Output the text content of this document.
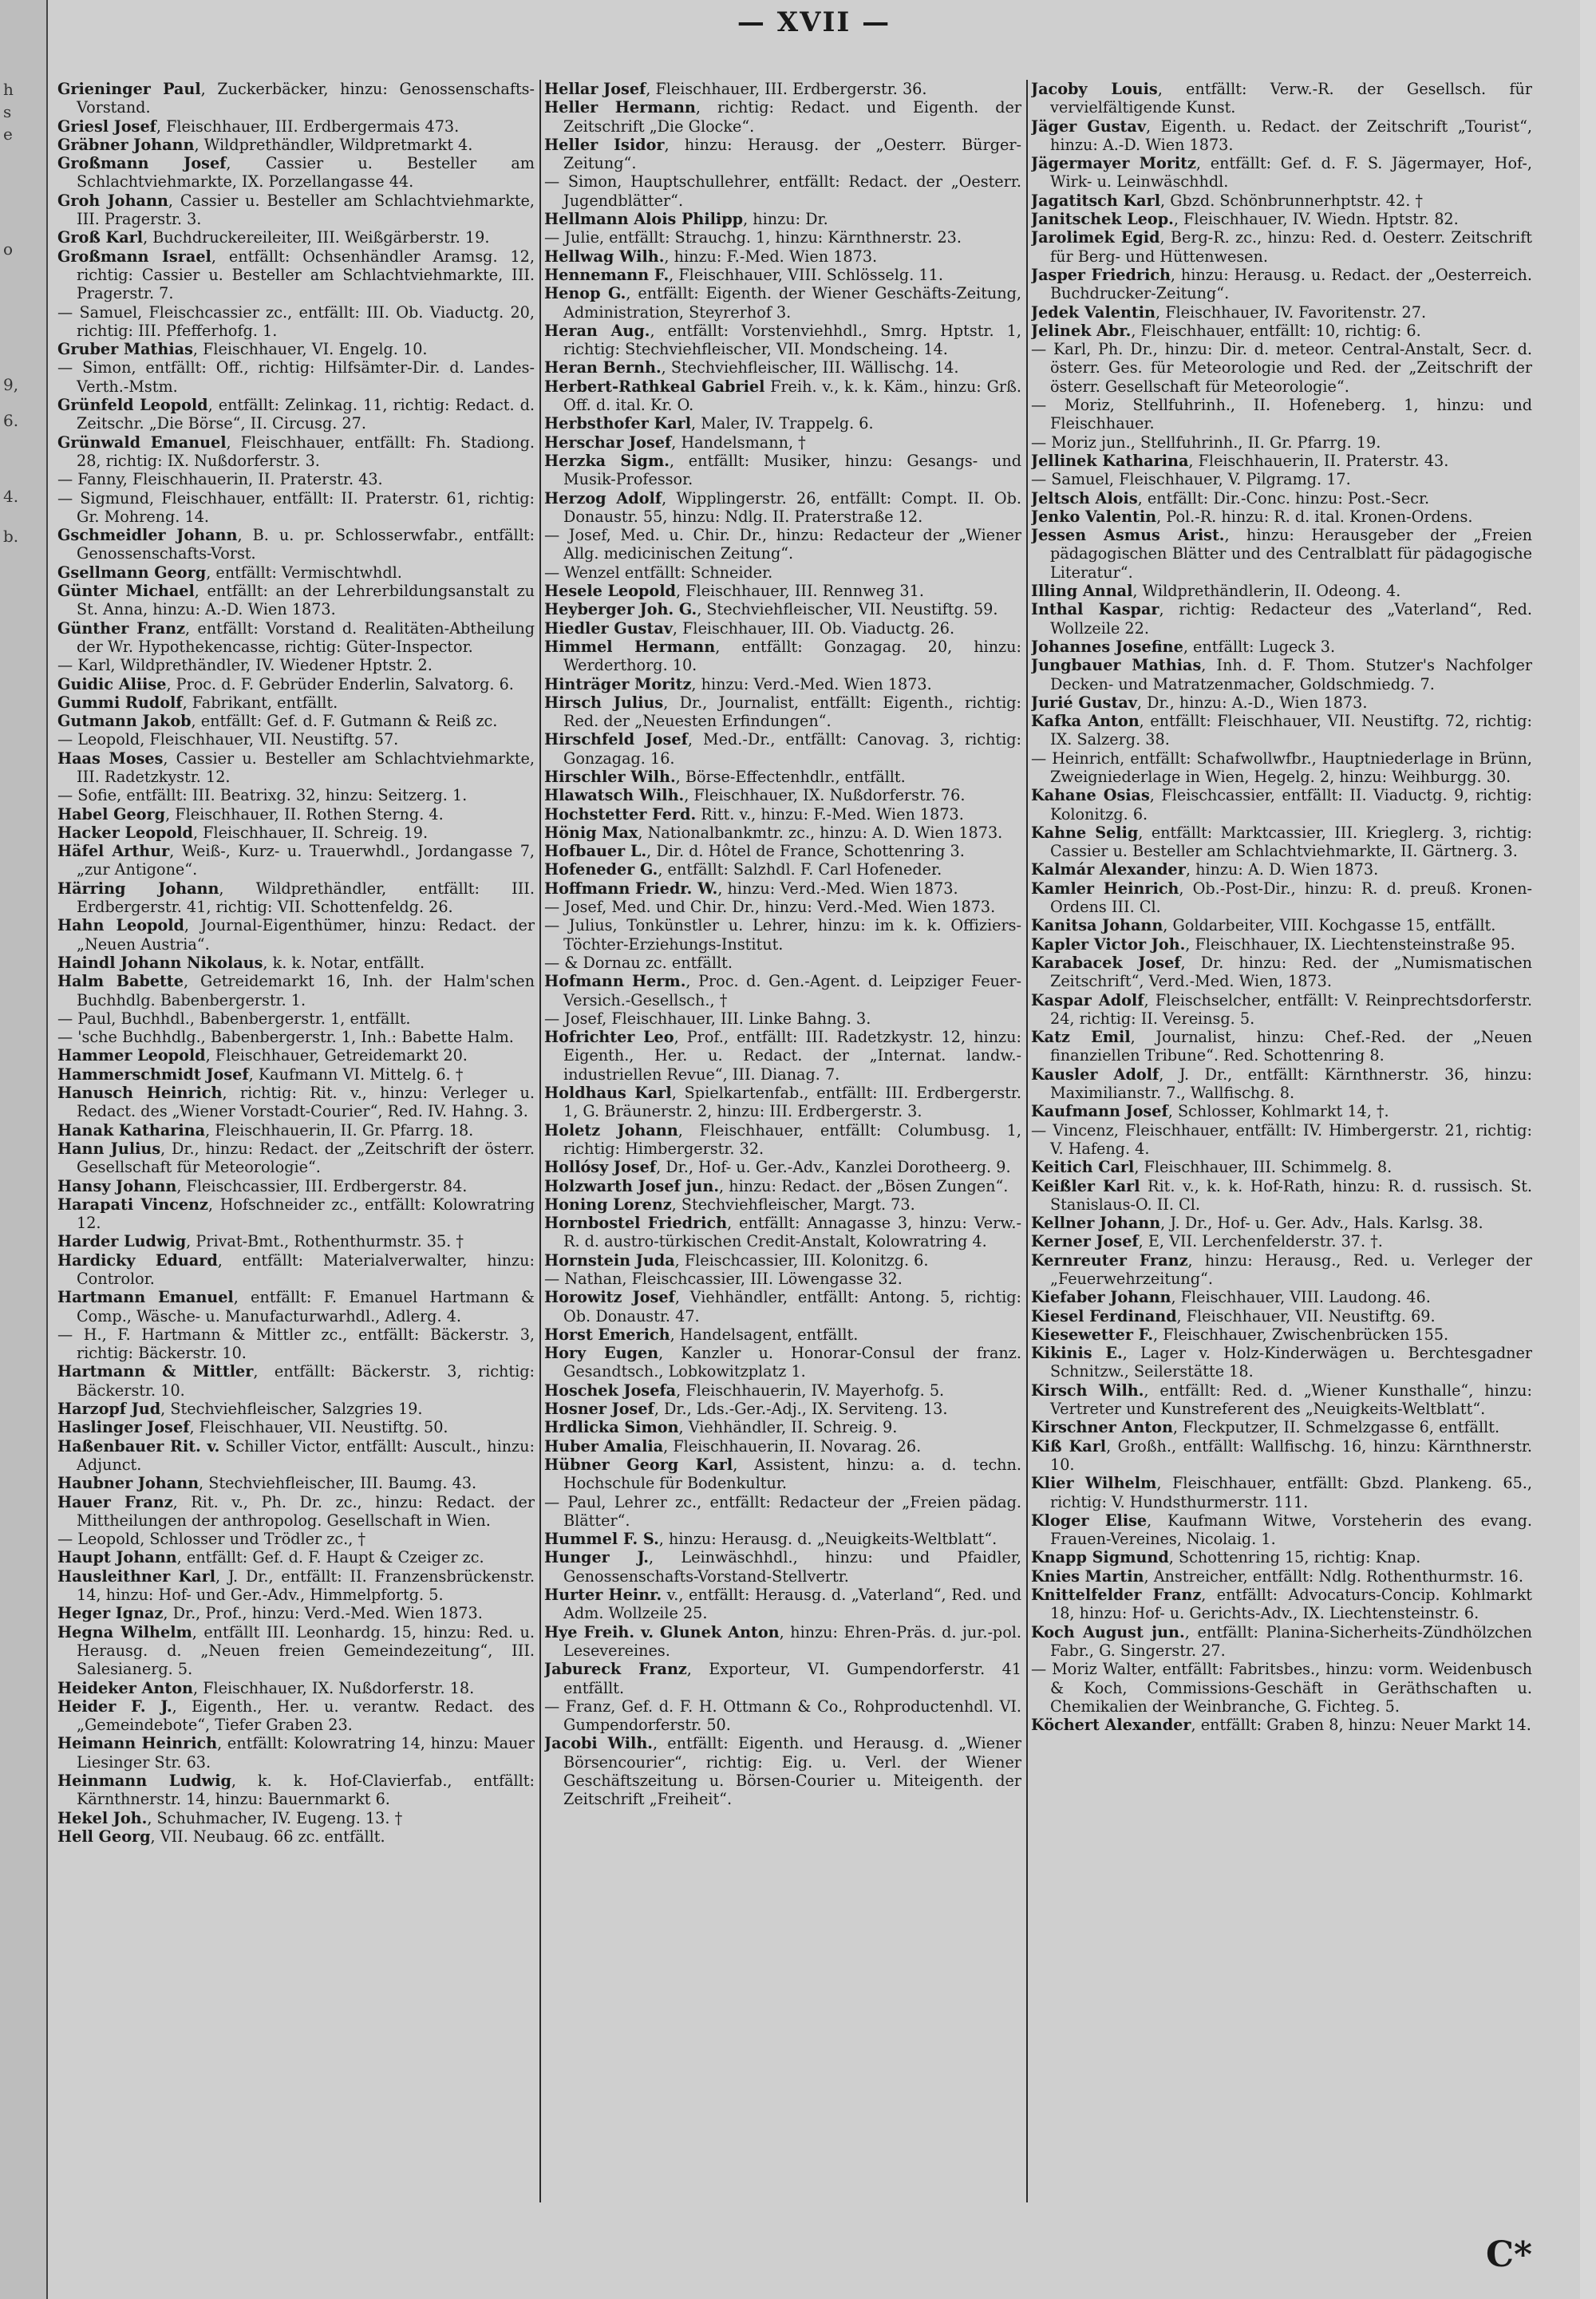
h
s
e
o
9,
6.
4.
b.
— XVII —

Grieninger Paul, Zuckerbäcker, hinzu: Genossenschafts-Vorstand.

Griesl Josef, Fleischhauer, III. Erdbergermais 473.

Gräbner Johann, Wildprethändler, Wildpretmarkt 4.

Großmann Josef, Cassier u. Besteller am Schlachtviehmarkte, IX. Porzellangasse 44.

Groh Johann, Cassier u. Besteller am Schlachtviehmarkte, III. Pragerstr. 3.

Groß Karl, Buchdruckereileiter, III. Weißgärberstr. 19.

Großmann Israel, entfällt: Ochsenhändler Aramsg. 12, richtig: Cassier u. Besteller am Schlachtviehmarkte, III. Pragerstr. 7.

— Samuel, Fleischcassier zc., entfällt: III. Ob. Viaductg. 20, richtig: III. Pfefferhofg. 1.

Gruber Mathias, Fleischhauer, VI. Engelg. 10.

— Simon, entfällt: Off., richtig: Hilfsämter-Dir. d. Landes-Verth.-Mstm.

Grünfeld Leopold, entfällt: Zelinkag. 11, richtig: Redact. d. Zeitschr. „Die Börse“, II. Circusg. 27.

Grünwald Emanuel, Fleischhauer, entfällt: Fh. Stadiong. 28, richtig: IX. Nußdorferstr. 3.

— Fanny, Fleischhauerin, II. Praterstr. 43.

— Sigmund, Fleischhauer, entfällt: II. Praterstr. 61, richtig: Gr. Mohreng. 14.

Gschmeidler Johann, B. u. pr. Schlosserwfabr., entfällt: Genossenschafts-Vorst.

Gsellmann Georg, entfällt: Vermischtwhdl.

Günter Michael, entfällt: an der Lehrerbildungsanstalt zu St. Anna, hinzu: A.-D. Wien 1873.

Günther Franz, entfällt: Vorstand d. Realitäten-Abtheilung der Wr. Hypothekencasse, richtig: Güter-Inspector.

— Karl, Wildprethändler, IV. Wiedener Hptstr. 2.

Guidic Aliise, Proc. d. F. Gebrüder Enderlin, Salvatorg. 6.

Gummi Rudolf, Fabrikant, entfällt.

Gutmann Jakob, entfällt: Gef. d. F. Gutmann & Reiß zc.

— Leopold, Fleischhauer, VII. Neustiftg. 57.

Haas Moses, Cassier u. Besteller am Schlachtviehmarkte, III. Radetzkystr. 12.

— Sofie, entfällt: III. Beatrixg. 32, hinzu: Seitzerg. 1.

Habel Georg, Fleischhauer, II. Rothen Sterng. 4.

Hacker Leopold, Fleischhauer, II. Schreig. 19.

Häfel Arthur, Weiß-, Kurz- u. Trauerwhdl., Jordangasse 7, „zur Antigone“.

Härring Johann, Wildprethändler, entfällt: III. Erdbergerstr. 41, richtig: VII. Schottenfeldg. 26.

Hahn Leopold, Journal-Eigenthümer, hinzu: Redact. der „Neuen Austria“.

Haindl Johann Nikolaus, k. k. Notar, entfällt.

Halm Babette, Getreidemarkt 16, Inh. der Halm'schen Buchhdlg. Babenbergerstr. 1.

— Paul, Buchhdl., Babenbergerstr. 1, entfällt.

— 'sche Buchhdlg., Babenbergerstr. 1, Inh.: Babette Halm.

Hammer Leopold, Fleischhauer, Getreidemarkt 20.

Hammerschmidt Josef, Kaufmann VI. Mittelg. 6. †

Hanusch Heinrich, richtig: Rit. v., hinzu: Verleger u. Redact. des „Wiener Vorstadt-Courier“, Red. IV. Hahng. 3.

Hanak Katharina, Fleischhauerin, II. Gr. Pfarrg. 18.

Hann Julius, Dr., hinzu: Redact. der „Zeitschrift der österr. Gesellschaft für Meteorologie“.

Hansy Johann, Fleischcassier, III. Erdbergerstr. 84.

Harapati Vincenz, Hofschneider zc., entfällt: Kolowratring 12.

Harder Ludwig, Privat-Bmt., Rothenthurmstr. 35. †

Hardicky Eduard, entfällt: Materialverwalter, hinzu: Controlor.

Hartmann Emanuel, entfällt: F. Emanuel Hartmann & Comp., Wäsche- u. Manufacturwarhdl., Adlerg. 4.

— H., F. Hartmann & Mittler zc., entfällt: Bäckerstr. 3, richtig: Bäckerstr. 10.

Hartmann & Mittler, entfällt: Bäckerstr. 3, richtig: Bäckerstr. 10.

Harzopf Jud, Stechviehfleischer, Salzgries 19.

Haslinger Josef, Fleischhauer, VII. Neustiftg. 50.

Haßenbauer Rit. v. Schiller Victor, entfällt: Auscult., hinzu: Adjunct.

Haubner Johann, Stechviehfleischer, III. Baumg. 43.

Hauer Franz, Rit. v., Ph. Dr. zc., hinzu: Redact. der Mittheilungen der anthropolog. Gesellschaft in Wien.

— Leopold, Schlosser und Trödler zc., †

Haupt Johann, entfällt: Gef. d. F. Haupt & Czeiger zc.

Hausleithner Karl, J. Dr., entfällt: II. Franzensbrückenstr. 14, hinzu: Hof- und Ger.-Adv., Himmelpfortg. 5.

Heger Ignaz, Dr., Prof., hinzu: Verd.-Med. Wien 1873.

Hegna Wilhelm, entfällt III. Leonhardg. 15, hinzu: Red. u. Herausg. d. „Neuen freien Gemeindezeitung“, III. Salesianerg. 5.

Heideker Anton, Fleischhauer, IX. Nußdorferstr. 18.

Heider F. J., Eigenth., Her. u. verantw. Redact. des „Gemeindebote“, Tiefer Graben 23.

Heimann Heinrich, entfällt: Kolowratring 14, hinzu: Mauer Liesinger Str. 63.

Heinmann Ludwig, k. k. Hof-Clavierfab., entfällt: Kärnthnerstr. 14, hinzu: Bauernmarkt 6.

Hekel Joh., Schuhmacher, IV. Eugeng. 13. †

Hell Georg, VII. Neubaug. 66 zc. entfällt.

Hellar Josef, Fleischhauer, III. Erdbergerstr. 36.

Heller Hermann, richtig: Redact. und Eigenth. der Zeitschrift „Die Glocke“.

Heller Isidor, hinzu: Herausg. der „Oesterr. Bürger-Zeitung“.

— Simon, Hauptschullehrer, entfällt: Redact. der „Oesterr. Jugendblätter“.

Hellmann Alois Philipp, hinzu: Dr.

— Julie, entfällt: Strauchg. 1, hinzu: Kärnthnerstr. 23.

Hellwag Wilh., hinzu: F.-Med. Wien 1873.

Hennemann F., Fleischhauer, VIII. Schlösselg. 11.

Henop G., entfällt: Eigenth. der Wiener Geschäfts-Zeitung, Administration, Steyrerhof 3.

Heran Aug., entfällt: Vorstenviehhdl., Smrg. Hptstr. 1, richtig: Stechviehfleischer, VII. Mondscheing. 14.

Heran Bernh., Stechviehfleischer, III. Wällischg. 14.

Herbert-Rathkeal Gabriel Freih. v., k. k. Käm., hinzu: Grß. Off. d. ital. Kr. O.

Herbsthofer Karl, Maler, IV. Trappelg. 6.

Herschar Josef, Handelsmann, †

Herzka Sigm., entfällt: Musiker, hinzu: Gesangs- und Musik-Professor.

Herzog Adolf, Wipplingerstr. 26, entfällt: Compt. II. Ob. Donaustr. 55, hinzu: Ndlg. II. Praterstraße 12.

— Josef, Med. u. Chir. Dr., hinzu: Redacteur der „Wiener Allg. medicinischen Zeitung“.

— Wenzel entfällt: Schneider.

Hesele Leopold, Fleischhauer, III. Rennweg 31.

Heyberger Joh. G., Stechviehfleischer, VII. Neustiftg. 59.

Hiedler Gustav, Fleischhauer, III. Ob. Viaductg. 26.

Himmel Hermann, entfällt: Gonzagag. 20, hinzu: Werderthorg. 10.

Hinträger Moritz, hinzu: Verd.-Med. Wien 1873.

Hirsch Julius, Dr., Journalist, entfällt: Eigenth., richtig: Red. der „Neuesten Erfindungen“.

Hirschfeld Josef, Med.-Dr., entfällt: Canovag. 3, richtig: Gonzagag. 16.

Hirschler Wilh., Börse-Effectenhdlr., entfällt.

Hlawatsch Wilh., Fleischhauer, IX. Nußdorferstr. 76.

Hochstetter Ferd. Ritt. v., hinzu: F.-Med. Wien 1873.

Hönig Max, Nationalbankmtr. zc., hinzu: A. D. Wien 1873.

Hofbauer L., Dir. d. Hôtel de France, Schottenring 3.

Hofeneder G., entfällt: Salzhdl. F. Carl Hofeneder.

Hoffmann Friedr. W., hinzu: Verd.-Med. Wien 1873.

— Josef, Med. und Chir. Dr., hinzu: Verd.-Med. Wien 1873.

— Julius, Tonkünstler u. Lehrer, hinzu: im k. k. Offiziers-Töchter-Erziehungs-Institut.

— & Dornau zc. entfällt.

Hofmann Herm., Proc. d. Gen.-Agent. d. Leipziger Feuer-Versich.-Gesellsch., †

— Josef, Fleischhauer, III. Linke Bahng. 3.

Hofrichter Leo, Prof., entfällt: III. Radetzkystr. 12, hinzu: Eigenth., Her. u. Redact. der „Internat. landw.-industriellen Revue“, III. Dianag. 7.

Holdhaus Karl, Spielkartenfab., entfällt: III. Erdbergerstr. 1, G. Bräunerstr. 2, hinzu: III. Erdbergerstr. 3.

Holetz Johann, Fleischhauer, entfällt: Columbusg. 1, richtig: Himbergerstr. 32.

Hollósy Josef, Dr., Hof- u. Ger.-Adv., Kanzlei Dorotheerg. 9.

Holzwarth Josef jun., hinzu: Redact. der „Bösen Zungen“.

Honing Lorenz, Stechviehfleischer, Margt. 73.

Hornbostel Friedrich, entfällt: Annagasse 3, hinzu: Verw.-R. d. austro-türkischen Credit-Anstalt, Kolowratring 4.

Hornstein Juda, Fleischcassier, III. Kolonitzg. 6.

— Nathan, Fleischcassier, III. Löwengasse 32.

Horowitz Josef, Viehhändler, entfällt: Antong. 5, richtig: Ob. Donaustr. 47.

Horst Emerich, Handelsagent, entfällt.

Hory Eugen, Kanzler u. Honorar-Consul der franz. Gesandtsch., Lobkowitzplatz 1.

Hoschek Josefa, Fleischhauerin, IV. Mayerhofg. 5.

Hosner Josef, Dr., Lds.-Ger.-Adj., IX. Serviteng. 13.

Hrdlicka Simon, Viehhändler, II. Schreig. 9.

Huber Amalia, Fleischhauerin, II. Novarag. 26.

Hübner Georg Karl, Assistent, hinzu: a. d. techn. Hochschule für Bodenkultur.

— Paul, Lehrer zc., entfällt: Redacteur der „Freien pädag. Blätter“.

Hummel F. S., hinzu: Herausg. d. „Neuigkeits-Weltblatt“.

Hunger J., Leinwäschhdl., hinzu: und Pfaidler, Genossenschafts-Vorstand-Stellvertr.

Hurter Heinr. v., entfällt: Herausg. d. „Vaterland“, Red. und Adm. Wollzeile 25.

Hye Freih. v. Glunek Anton, hinzu: Ehren-Präs. d. jur.-pol. Lesevereines.

Jabureck Franz, Exporteur, VI. Gumpendorferstr. 41 entfällt.

— Franz, Gef. d. F. H. Ottmann & Co., Rohproductenhdl. VI. Gumpendorferstr. 50.

Jacobi Wilh., entfällt: Eigenth. und Herausg. d. „Wiener Börsencourier“, richtig: Eig. u. Verl. der Wiener Geschäftszeitung u. Börsen-Courier u. Miteigenth. der Zeitschrift „Freiheit“.

Jacoby Louis, entfällt: Verw.-R. der Gesellsch. für vervielfältigende Kunst.

Jäger Gustav, Eigenth. u. Redact. der Zeitschrift „Tourist“, hinzu: A.-D. Wien 1873.

Jägermayer Moritz, entfällt: Gef. d. F. S. Jägermayer, Hof-, Wirk- u. Leinwäschhdl.

Jagatitsch Karl, Gbzd. Schönbrunnerhptstr. 42. †

Janitschek Leop., Fleischhauer, IV. Wiedn. Hptstr. 82.

Jarolimek Egid, Berg-R. zc., hinzu: Red. d. Oesterr. Zeitschrift für Berg- und Hüttenwesen.

Jasper Friedrich, hinzu: Herausg. u. Redact. der „Oesterreich. Buchdrucker-Zeitung“.

Jedek Valentin, Fleischhauer, IV. Favoritenstr. 27.

Jelinek Abr., Fleischhauer, entfällt: 10, richtig: 6.

— Karl, Ph. Dr., hinzu: Dir. d. meteor. Central-Anstalt, Secr. d. österr. Ges. für Meteorologie und Red. der „Zeitschrift der österr. Gesellschaft für Meteorologie“.

— Moriz, Stellfuhrinh., II. Hofeneberg. 1, hinzu: und Fleischhauer.

— Moriz jun., Stellfuhrinh., II. Gr. Pfarrg. 19.

Jellinek Katharina, Fleischhauerin, II. Praterstr. 43.

— Samuel, Fleischhauer, V. Pilgramg. 17.

Jeltsch Alois, entfällt: Dir.-Conc. hinzu: Post.-Secr.

Jenko Valentin, Pol.-R. hinzu: R. d. ital. Kronen-Ordens.

Jessen Asmus Arist., hinzu: Herausgeber der „Freien pädagogischen Blätter und des Centralblatt für pädagogische Literatur“.

Illing Annal, Wildprethändlerin, II. Odeong. 4.

Inthal Kaspar, richtig: Redacteur des „Vaterland“, Red. Wollzeile 22.

Johannes Josefine, entfällt: Lugeck 3.

Jungbauer Mathias, Inh. d. F. Thom. Stutzer's Nachfolger Decken- und Matratzenmacher, Goldschmiedg. 7.

Jurié Gustav, Dr., hinzu: A.-D., Wien 1873.

Kafka Anton, entfällt: Fleischhauer, VII. Neustiftg. 72, richtig: IX. Salzerg. 38.

— Heinrich, entfällt: Schafwollwfbr., Hauptniederlage in Brünn, Zweigniederlage in Wien, Hegelg. 2, hinzu: Weihburgg. 30.

Kahane Osias, Fleischcassier, entfällt: II. Viaductg. 9, richtig: Kolonitzg. 6.

Kahne Selig, entfällt: Marktcassier, III. Krieglerg. 3, richtig: Cassier u. Besteller am Schlachtviehmarkte, II. Gärtnerg. 3.

Kalmár Alexander, hinzu: A. D. Wien 1873.

Kamler Heinrich, Ob.-Post-Dir., hinzu: R. d. preuß. Kronen-Ordens III. Cl.

Kanitsa Johann, Goldarbeiter, VIII. Kochgasse 15, entfällt.

Kapler Victor Joh., Fleischhauer, IX. Liechtensteinstraße 95.

Karabacek Josef, Dr. hinzu: Red. der „Numismatischen Zeitschrift“, Verd.-Med. Wien, 1873.

Kaspar Adolf, Fleischselcher, entfällt: V. Reinprechtsdorferstr. 24, richtig: II. Vereinsg. 5.

Katz Emil, Journalist, hinzu: Chef.-Red. der „Neuen finanziellen Tribune“. Red. Schottenring 8.

Kausler Adolf, J. Dr., entfällt: Kärnthnerstr. 36, hinzu: Maximilianstr. 7., Wallfischg. 8.

Kaufmann Josef, Schlosser, Kohlmarkt 14, †.

— Vincenz, Fleischhauer, entfällt: IV. Himbergerstr. 21, richtig: V. Hafeng. 4.

Keitich Carl, Fleischhauer, III. Schimmelg. 8.

Keißler Karl Rit. v., k. k. Hof-Rath, hinzu: R. d. russisch. St. Stanislaus-O. II. Cl.

Kellner Johann, J. Dr., Hof- u. Ger. Adv., Hals. Karlsg. 38.

Kerner Josef, E, VII. Lerchenfelderstr. 37. †.

Kernreuter Franz, hinzu: Herausg., Red. u. Verleger der „Feuerwehrzeitung“.

Kiefaber Johann, Fleischhauer, VIII. Laudong. 46.

Kiesel Ferdinand, Fleischhauer, VII. Neustiftg. 69.

Kiesewetter F., Fleischhauer, Zwischenbrücken 155.

Kikinis E., Lager v. Holz-Kinderwägen u. Berchtesgadner Schnitzw., Seilerstätte 18.

Kirsch Wilh., entfällt: Red. d. „Wiener Kunsthalle“, hinzu: Vertreter und Kunstreferent des „Neuigkeits-Weltblatt“.

Kirschner Anton, Fleckputzer, II. Schmelzgasse 6, entfällt.

Kiß Karl, Großh., entfällt: Wallfischg. 16, hinzu: Kärnthnerstr. 10.

Klier Wilhelm, Fleischhauer, entfällt: Gbzd. Plankeng. 65., richtig: V. Hundsthurmerstr. 111.

Kloger Elise, Kaufmann Witwe, Vorsteherin des evang. Frauen-Vereines, Nicolaig. 1.

Knapp Sigmund, Schottenring 15, richtig: Knap.

Knies Martin, Anstreicher, entfällt: Ndlg. Rothenthurmstr. 16.

Knittelfelder Franz, entfällt: Advocaturs-Concip. Kohlmarkt 18, hinzu: Hof- u. Gerichts-Adv., IX. Liechtensteinstr. 6.

Koch August jun., entfällt: Planina-Sicherheits-Zündhölzchen Fabr., G. Singerstr. 27.

— Moriz Walter, entfällt: Fabritsbes., hinzu: vorm. Weidenbusch & Koch, Commissions-Geschäft in Geräthschaften u. Chemikalien der Weinbranche, G. Fichteg. 5.

Köchert Alexander, entfällt: Graben 8, hinzu: Neuer Markt 14.

C*
